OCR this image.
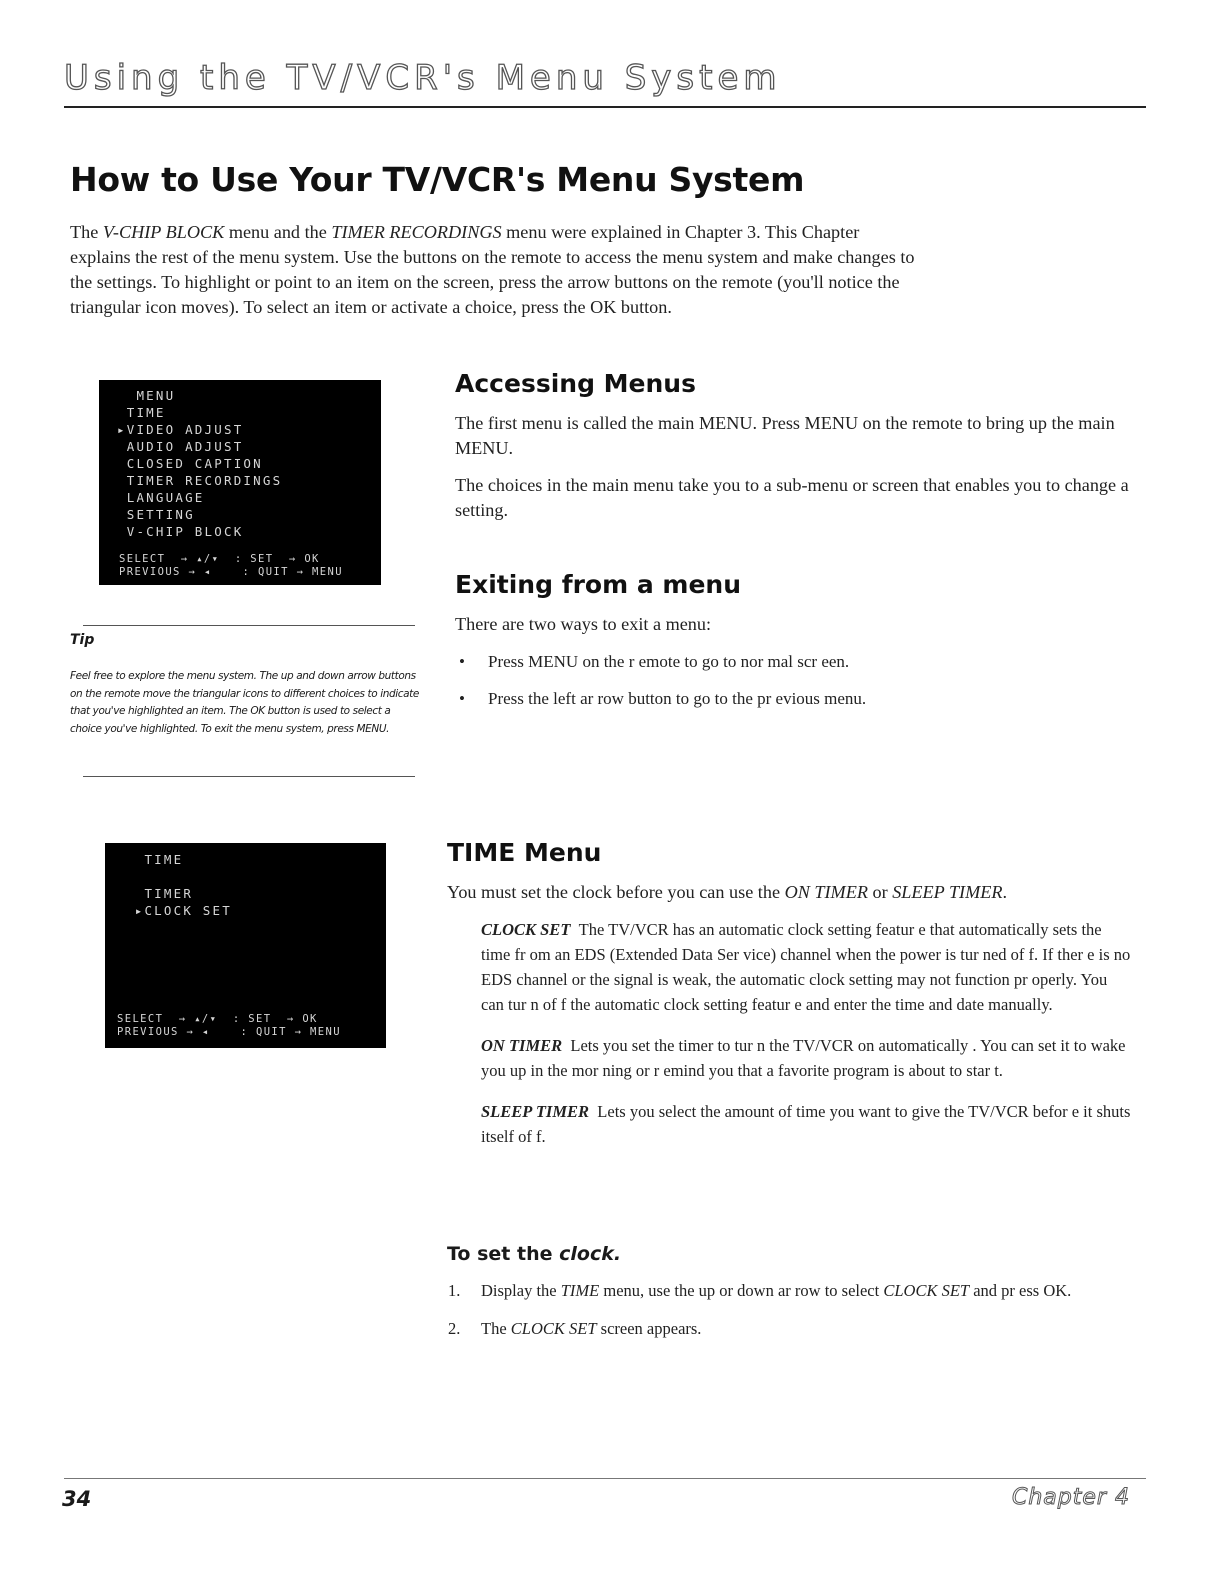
Using the TV/VCR's Menu System
How to Use Your TV/VCR's Menu System

The V-CHIP BLOCK menu and the TIMER RECORDINGS menu were explained in Chapter 3. This Chapter explains the rest of the menu system. Use the buttons on the remote to access the menu system and make changes to the settings. To highlight or point to an item on the screen, press the arrow buttons on the remote (you'll notice the triangular icon moves). To select an item or activate a choice, press the OK button.

MENU

TIME

▸VIDEO ADJUST

AUDIO ADJUST

CLOSED CAPTION

TIMER RECORDINGS

LANGUAGE

SETTING

V-CHIP BLOCK

SELECT  → ▴/▾  : SET  → OK

PREVIOUS → ◂    : QUIT → MENU

Tip
Feel free to explore the menu system. The up and down arrow buttons on the remote move the triangular icons to different choices to indicate that you've highlighted an item. The OK button is used to select a choice you've highlighted. To exit the menu system, press MENU.
Accessing Menus

The first menu is called the main MENU. Press MENU on the remote to bring up the main MENU.

The choices in the main menu take you to a sub-menu or screen that enables you to change a setting.

Exiting from a menu

There are two ways to exit a menu:

• Press MENU on the r emote to go to nor mal scr een.
• Press the left ar row button to go to the pr evious menu.

TIME

TIMER

▸CLOCK SET

SELECT  → ▴/▾  : SET  → OK

PREVIOUS → ◂    : QUIT → MENU

TIME Menu

You must set the clock before you can use the ON TIMER or SLEEP TIMER.

CLOCK SET The TV/VCR has an automatic clock setting featur e that automatically sets the time fr om an EDS (Extended Data Ser vice) channel when the power is tur ned of f. If ther e is no EDS channel or the signal is weak, the automatic clock setting may not function pr operly. You can tur n of f the automatic clock setting featur e and enter the time and date manually.

ON TIMER Lets you set the timer to tur n the TV/VCR on automatically . You can set it to wake you up in the mor ning or r emind you that a favorite program is about to star t.

SLEEP TIMER Lets you select the amount of time you want to give the TV/VCR befor e it shuts itself of f.

To set the clock.
1. Display the TIME menu, use the up or down ar row to select CLOCK SET and pr ess OK.
2. The CLOCK SET screen appears.
34	Chapter 4
